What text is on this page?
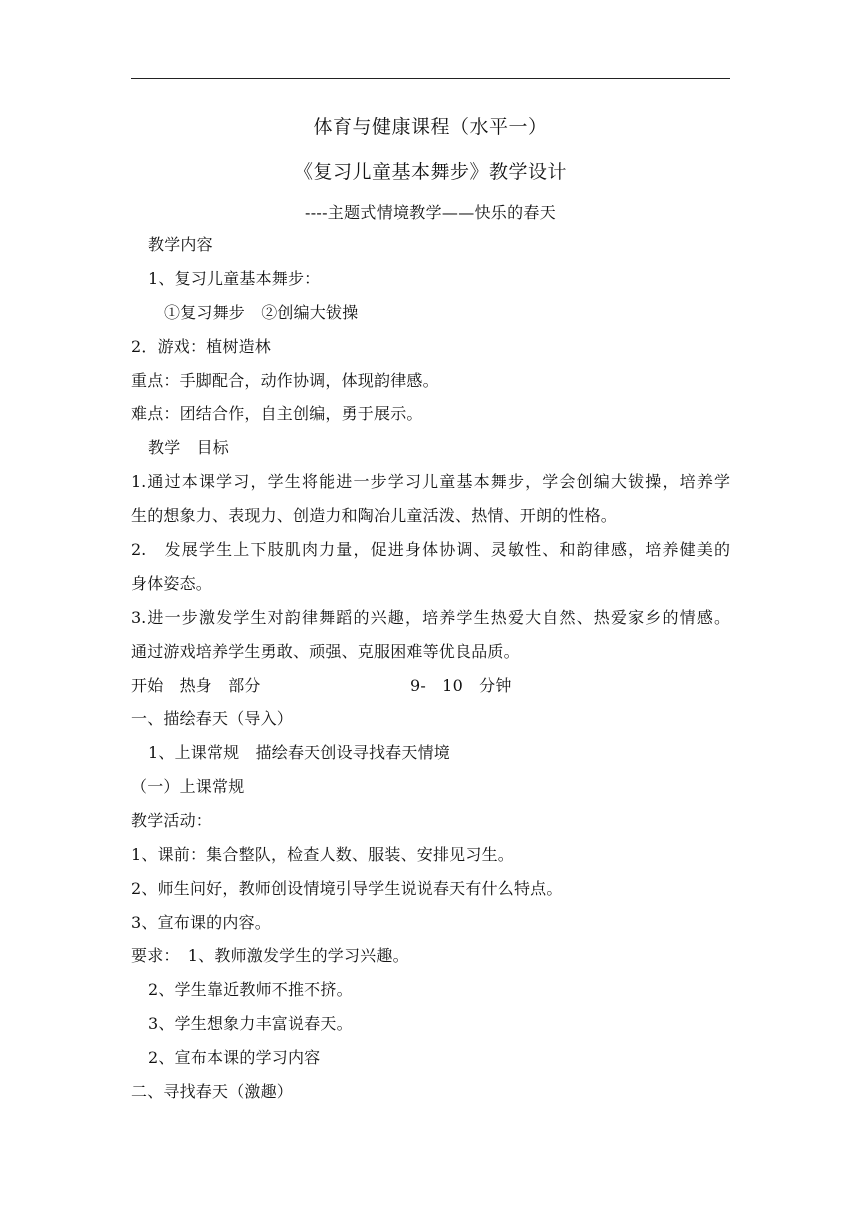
体育与健康课程（水平一）
《复习儿童基本舞步》教学设计
----主题式情境教学——快乐的春天
教学内容
1、复习儿童基本舞步：
①复习舞步　②创编大钹操
2．游戏：植树造林
重点：手脚配合，动作协调，体现韵律感。
难点：团结合作，自主创编，勇于展示。
教学　目标
1.通过本课学习，学生将能进一步学习儿童基本舞步，学会创编大钹操，培养学
生的想象力、表现力、创造力和陶冶儿童活泼、热情、开朗的性格。
2.　发展学生上下肢肌肉力量，促进身体协调、灵敏性、和韵律感，培养健美的
身体姿态。
3.进一步激发学生对韵律舞蹈的兴趣，培养学生热爱大自然、热爱家乡的情感。
通过游戏培养学生勇敢、顽强、克服困难等优良品质。
开始　热身　部分	9-　10　分钟
一、描绘春天（导入）
1、上课常规　描绘春天创设寻找春天情境
（一）上课常规
教学活动：
1、课前：集合整队，检查人数、服装、安排见习生。
2、师生问好，教师创设情境引导学生说说春天有什么特点。
3、宣布课的内容。
要求：　1、教师激发学生的学习兴趣。
2、学生靠近教师不推不挤。
3、学生想象力丰富说春天。
2、宣布本课的学习内容
二、寻找春天（激趣）
